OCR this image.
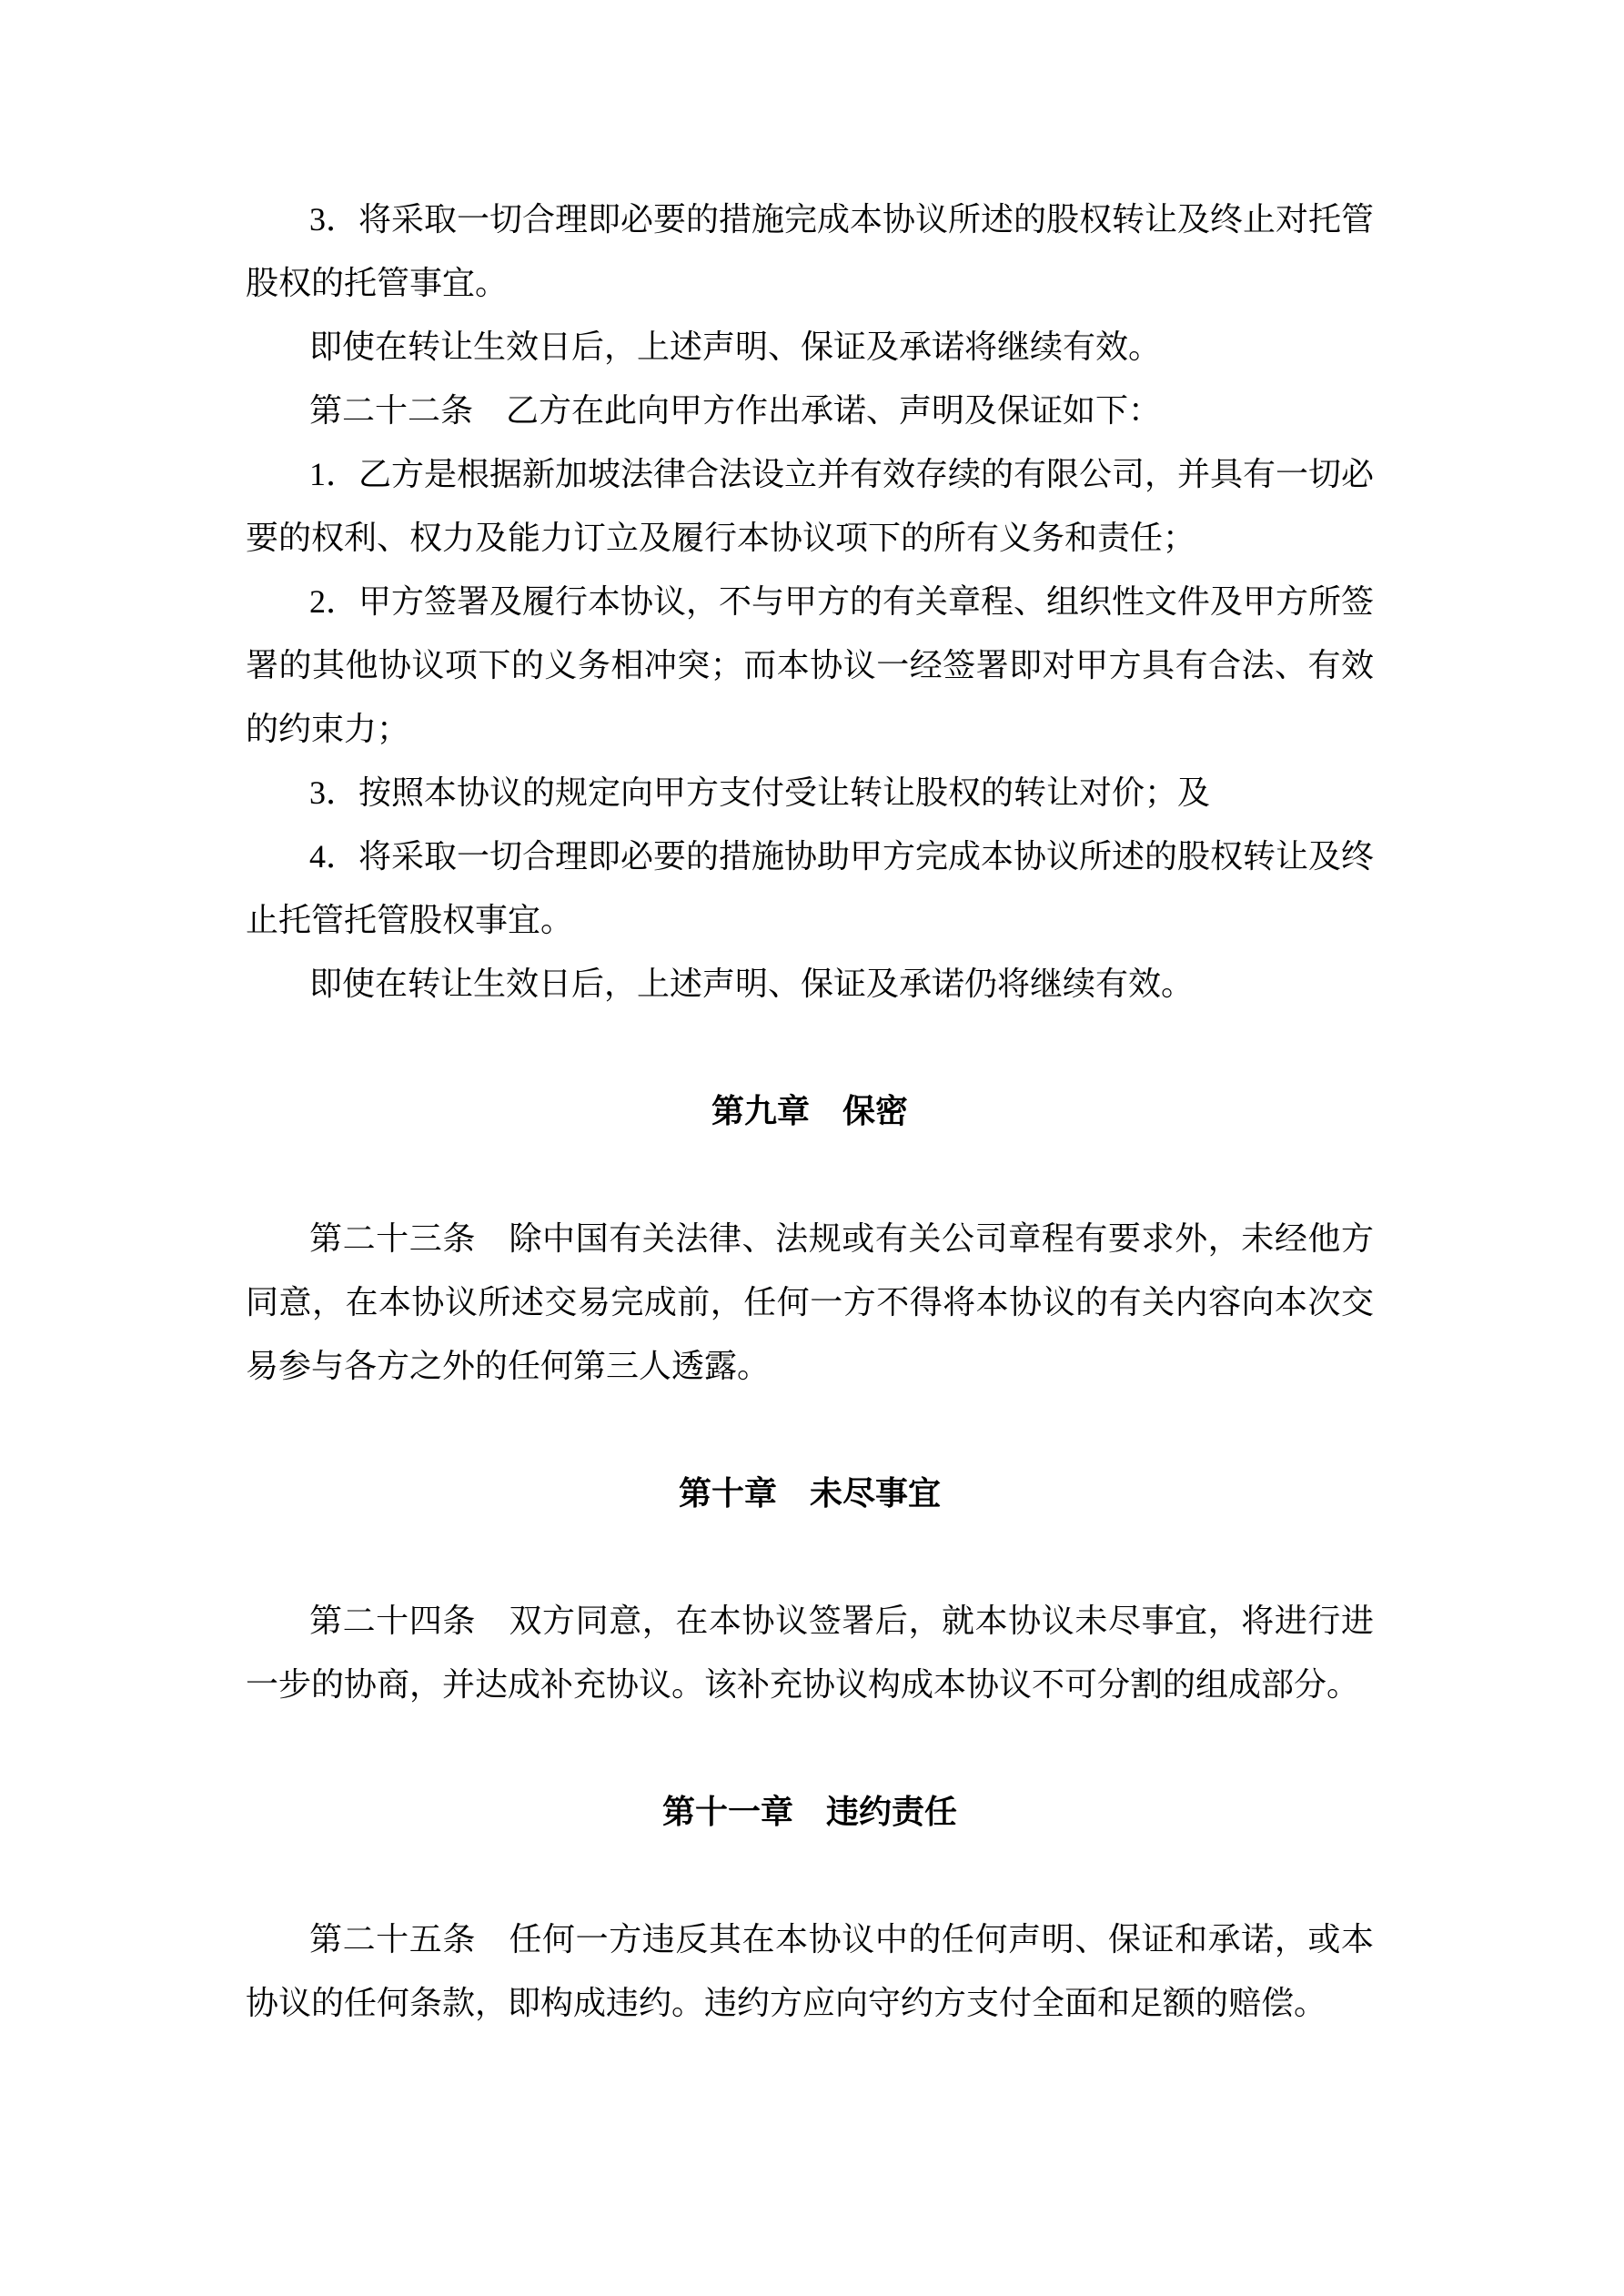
3．将采取一切合理即必要的措施完成本协议所述的股权转让及终止对托管
股权的托管事宜。
即使在转让生效日后，上述声明、保证及承诺将继续有效。
第二十二条　乙方在此向甲方作出承诺、声明及保证如下：
1．乙方是根据新加坡法律合法设立并有效存续的有限公司，并具有一切必
要的权利、权力及能力订立及履行本协议项下的所有义务和责任；
2．甲方签署及履行本协议，不与甲方的有关章程、组织性文件及甲方所签
署的其他协议项下的义务相冲突；而本协议一经签署即对甲方具有合法、有效
的约束力；
3．按照本协议的规定向甲方支付受让转让股权的转让对价；及
4．将采取一切合理即必要的措施协助甲方完成本协议所述的股权转让及终
止托管托管股权事宜。
即使在转让生效日后，上述声明、保证及承诺仍将继续有效。
第九章　保密
第二十三条　除中国有关法律、法规或有关公司章程有要求外，未经他方
同意，在本协议所述交易完成前，任何一方不得将本协议的有关内容向本次交
易参与各方之外的任何第三人透露。
第十章　未尽事宜
第二十四条　双方同意，在本协议签署后，就本协议未尽事宜，将进行进
一步的协商，并达成补充协议。该补充协议构成本协议不可分割的组成部分。
第十一章　违约责任
第二十五条　任何一方违反其在本协议中的任何声明、保证和承诺，或本
协议的任何条款，即构成违约。违约方应向守约方支付全面和足额的赔偿。
